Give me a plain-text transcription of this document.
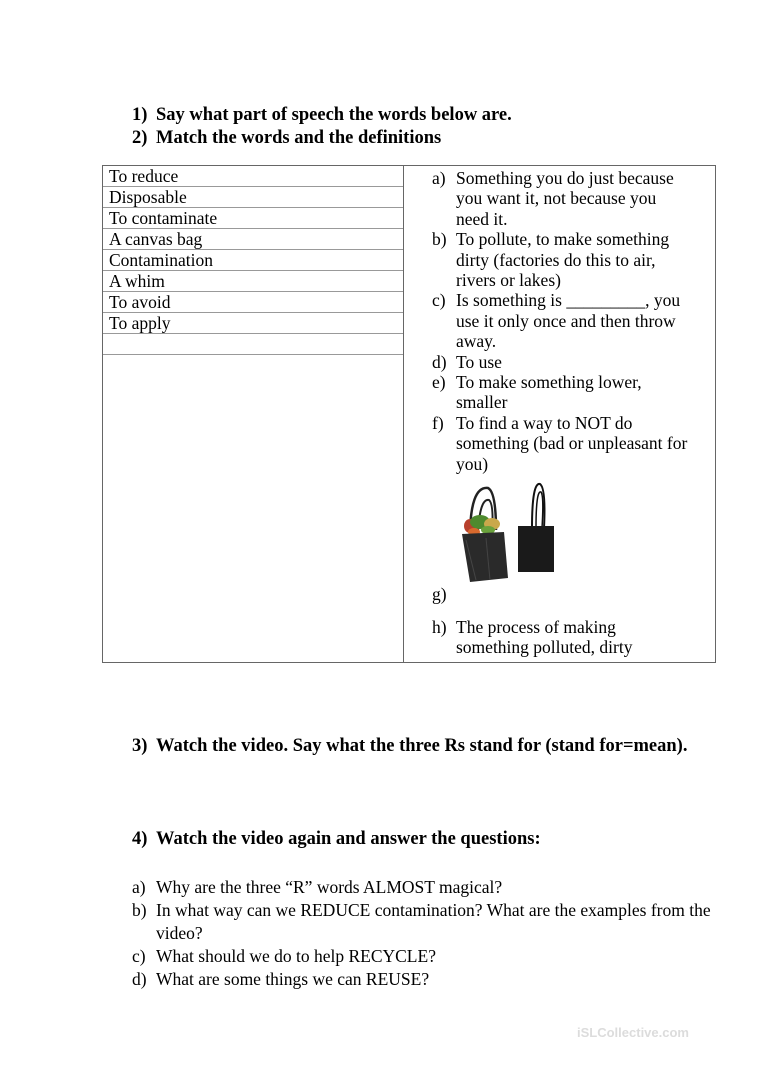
1) Say what part of speech the words below are.
2) Match the words and the definitions
To reduce
Disposable
To contaminate
A canvas bag
Contamination
A whim
To avoid
To apply
a) Something you do just because you want it, not because you need it.
b) To pollute, to make something dirty (factories do this to air, rivers or lakes)
c) Is something is _________, you use it only once and then throw away.
d) To use
e) To make something lower, smaller
f) To find a way to NOT do something (bad or unpleasant for you)
g)
h) The process of making something polluted, dirty
3) Watch the video. Say what the three Rs stand for (stand for=mean).
4) Watch the video again and answer the questions:
a) Why are the three “R” words ALMOST magical?
b) In what way can we REDUCE contamination? What are the examples from the video?
c) What should we do to help RECYCLE?
d) What are some things we can REUSE?
iSLCollective.com
